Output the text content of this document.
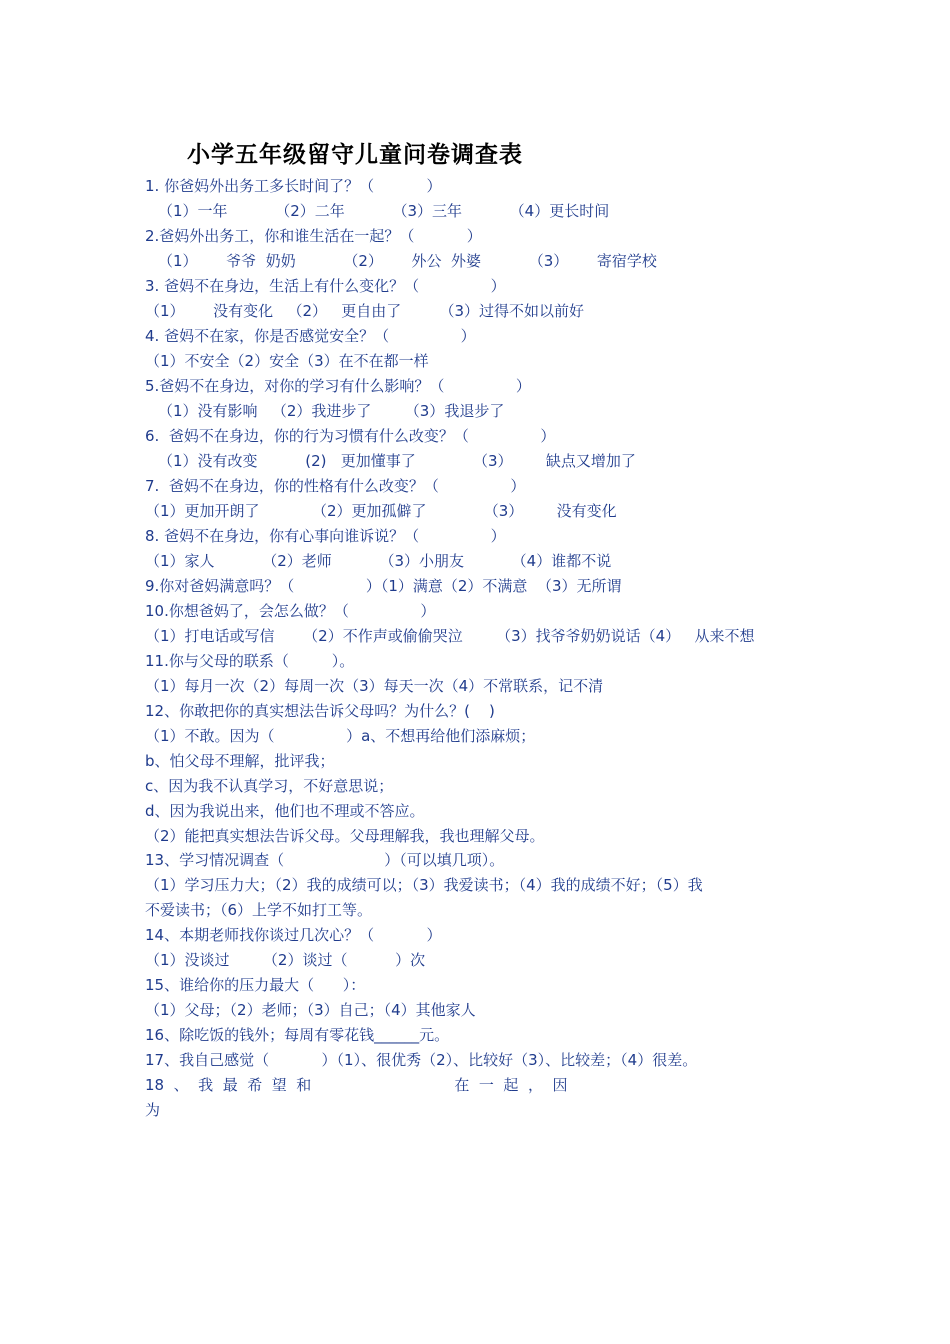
小学五年级留守儿童问卷调查表
1. 你爸妈外出务工多长时间了？（           ）
（1）一年          （2）二年          （3）三年          （4）更长时间
2.爸妈外出务工，你和谁生活在一起？（           ）
（1）      爷爷  奶奶          （2）      外公  外婆          （3）      寄宿学校
3. 爸妈不在身边，生活上有什么变化？（               ）
（1）      没有变化   （2）   更自由了        （3）过得不如以前好
4. 爸妈不在家，你是否感觉安全？（               ）
（1）不安全（2）安全（3）在不在都一样
5.爸妈不在身边，对你的学习有什么影响？（               ）
（1）没有影响   （2）我进步了       （3）我退步了
6.  爸妈不在身边，你的行为习惯有什么改变？（               ）
（1）没有改变          (2)   更加懂事了            （3）       缺点又增加了
7.  爸妈不在身边，你的性格有什么改变？（               ）
（1）更加开朗了           （2）更加孤僻了            （3）       没有变化
8. 爸妈不在身边，你有心事向谁诉说？（               ）
（1）家人          （2）老师          （3）小朋友          （4）谁都不说
9.你对爸妈满意吗？（               ）（1）满意（2）不满意  （3）无所谓
10.你想爸妈了，会怎么做？（               ）
（1）打电话或写信      （2）不作声或偷偷哭泣       （3）找爷爷奶奶说话（4）   从来不想
11.你与父母的联系（         ）。
（1）每月一次（2）每周一次（3）每天一次（4）不常联系，记不清
12、你敢把你的真实想法告诉父母吗？为什么？(    )
（1）不敢。因为（               ）a、不想再给他们添麻烦；
b、怕父母不理解，批评我；
c、因为我不认真学习，不好意思说；
d、因为我说出来，他们也不理或不答应。
（2）能把真实想法告诉父母。父母理解我，我也理解父母。
13、学习情况调查（                     ）（可以填几项）。
（1）学习压力大；（2）我的成绩可以；（3）我爱读书；（4）我的成绩不好；（5）我
不爱读书；（6）上学不如打工等。
14、本期老师找你谈过几次心？（           ）
（1）没谈过       （2）谈过（          ）次
15、谁给你的压力最大（      ）：
（1）父母；（2）老师；（3）自己；（4）其他家人
16、除吃饭的钱外；每周有零花钱______元。
17、我自己感觉（           ）（1）、很优秀（2）、比较好（3）、比较差；（4）很差。
18  、  我  最  希  望  和                              在  一  起  ，  因
为
